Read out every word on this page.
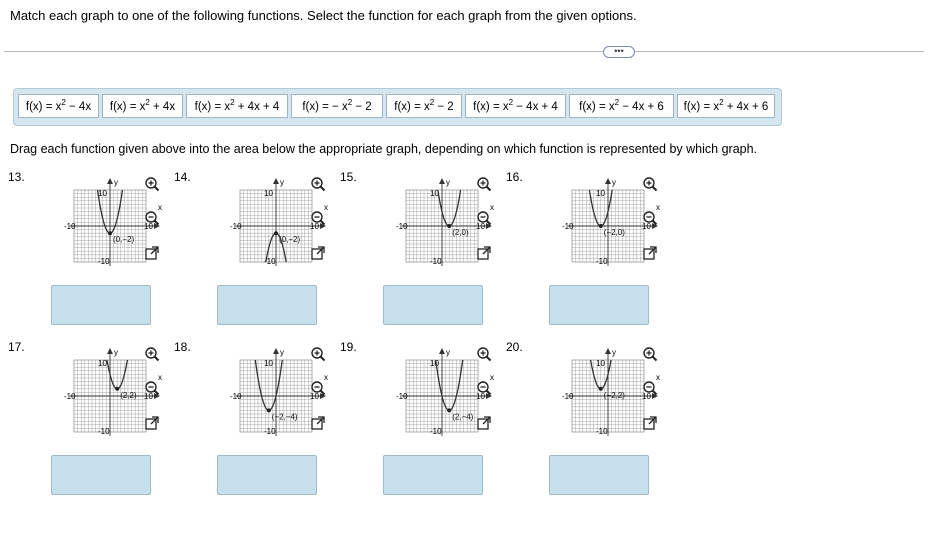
Match each graph to one of the following functions. Select the function for each graph from the given options.
•••
$f(x) = x^2 - 4x$	$f(x) = x^2 + 4x$	$f(x) = x^2 + 4x + 4$	f(x) = − $x^2 - 2$	$f(x) = x^2 - 2$	$f(x) = x^2 - 4x + 4$	$f(x) = x^2 - 4x + 6$	$f(x) = x^2 + 4x + 6$
Drag each function given above into the area below the appropriate graph, depending on which function is represented by which graph.
13.	y
x
10
-10	10
-10
(0,−2)
14.	y
x
10
-10	10
-10
(0,−2)
15.	y
x
10
-10	10
-10
(2,0)
16.	y
x
10
-10	10
-10
(−2,0)
17.	y
x
10
-10	10
-10
(2,2)
18.	y
x
10
-10	10
-10
(−2,−4)
19.	y
x
10
-10	10
-10
(2,−4)
20.	y
x
10
-10	10
-10
(−2,2)
